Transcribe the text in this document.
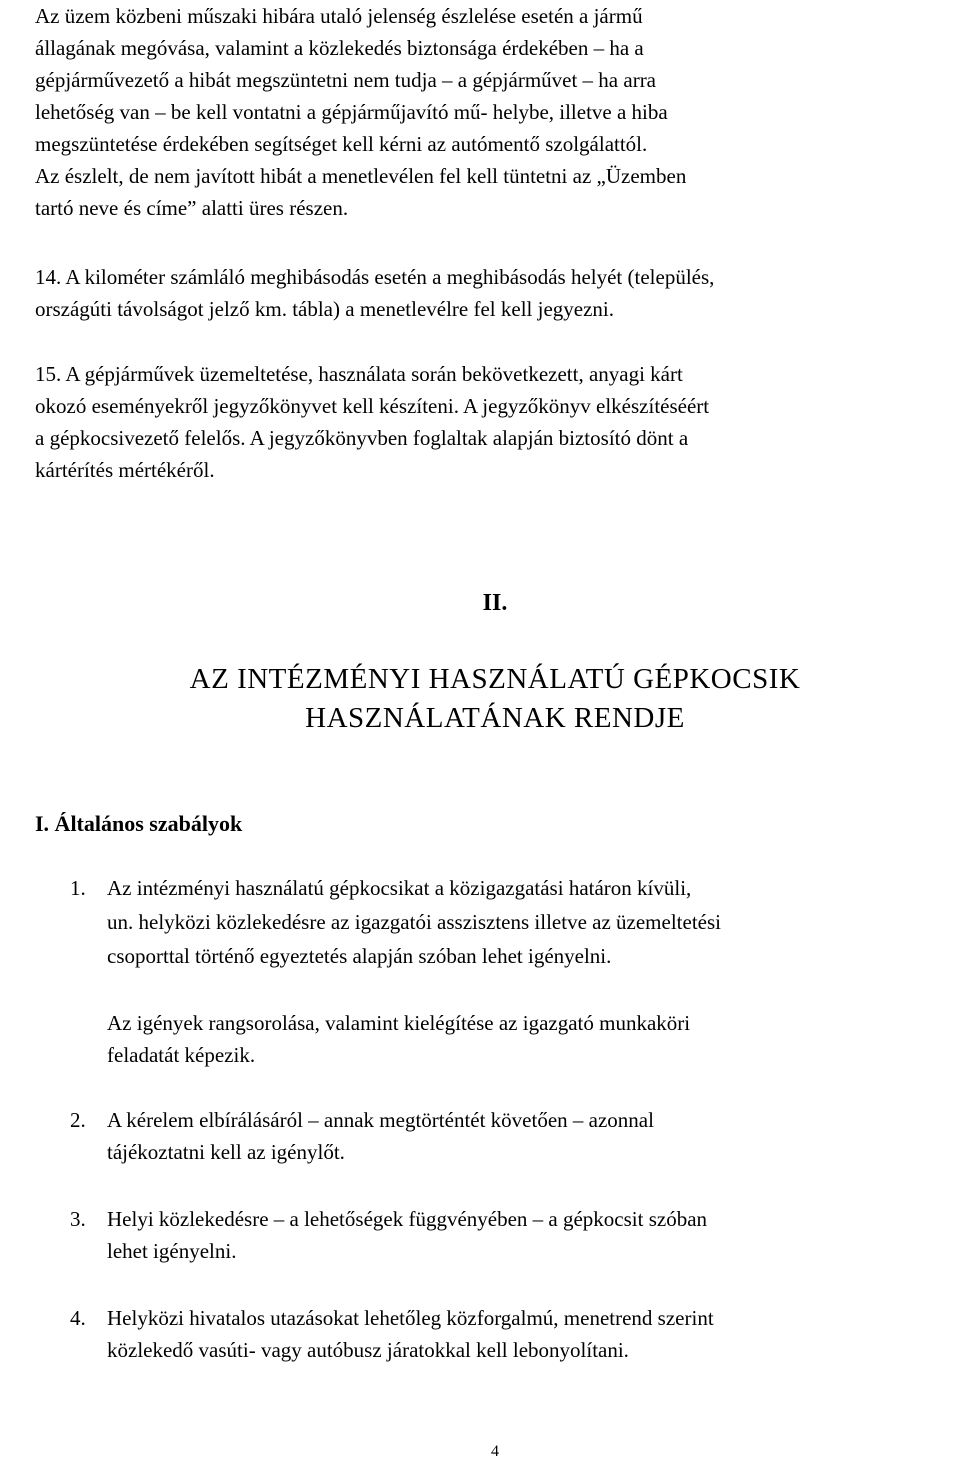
Az üzem közbeni műszaki hibára utaló jelenség észlelése esetén a jármű
állagának megóvása, valamint a közlekedés biztonsága érdekében – ha a
gépjárművezető a hibát megszüntetni nem tudja – a gépjárművet – ha arra
lehetőség van – be kell vontatni a gépjárműjavító mű- helybe, illetve a hiba
megszüntetése érdekében segítséget kell kérni az autómentő szolgálattól.
Az észlelt, de nem javított hibát a menetlevélen fel kell tüntetni az „Üzemben
tartó neve és címe” alatti üres részen.
14. A kilométer számláló meghibásodás esetén a meghibásodás helyét (település,
országúti távolságot jelző km. tábla) a menetlevélre fel kell jegyezni.
15. A gépjárművek üzemeltetése, használata során bekövetkezett, anyagi kárt
okozó eseményekről jegyzőkönyvet kell készíteni. A jegyzőkönyv elkészítéséért
a gépkocsivezető felelős. A jegyzőkönyvben foglaltak alapján biztosító dönt a
kártérítés mértékéről.
II.
AZ INTÉZMÉNYI HASZNÁLATÚ GÉPKOCSIK
HASZNÁLATÁNAK RENDJE
I. Általános szabályok
1.	Az intézményi használatú gépkocsikat a közigazgatási határon kívüli,
un. helyközi közlekedésre az igazgatói asszisztens illetve az üzemeltetési
csoporttal történő egyeztetés alapján szóban lehet igényelni.
Az igények rangsorolása, valamint kielégítése az igazgató munkaköri
feladatát képezik.
2.	A kérelem elbírálásáról – annak megtörténtét követően – azonnal
tájékoztatni kell az igénylőt.
3.	Helyi közlekedésre – a lehetőségek függvényében – a gépkocsit szóban
lehet igényelni.
4.	Helyközi hivatalos utazásokat lehetőleg közforgalmú, menetrend szerint
közlekedő vasúti- vagy autóbusz járatokkal kell lebonyolítani.
4
